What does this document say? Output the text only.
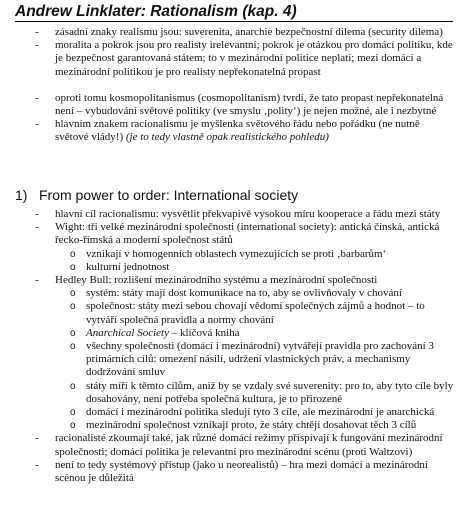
Andrew Linklater: Rationalism (kap. 4)
- zásadní znaky realismu jsou: suverenita, anarchie bezpečnostní dilema (security dilema)
- moralita a pokrok jsou pro realisty irelevantní; pokrok je otázkou pro domácí politiku, kde je bezpečnost garantovaná státem; to v mezinárodní politice neplatí; mezi domácí a mezinárodní politikou je pro realisty nepřekonatelná propast
- oproti tomu kosmopolitanismus (cosmopolitanism) tvrdí, že tato propast nepřekonatelná není – vybudování světové politiky (ve smyslu ‚polity‘) je nejen možné, ale i nezbytné
- hlavním znakem racionalismu je myšlenka světového řádu nebo pořádku (ne nutně světové vlády!) (je to tedy vlastně opak realistického pohledu)
1) From power to order: International society
- hlavní cíl racionalismu: vysvětlit překvapivě vysokou míru kooperace a řádu mezi státy
- Wight: tři velké mezinárodní společnosti (international society): antická čínská, antická řecko-římská a moderní společnost států
o vznikají v homogenních oblastech vymezujících se proti ‚barbarům‘
o kulturní jednotnost
- Hedley Bull: rozlišení mezinárodního systému a mezinárodní společnosti
o systém: státy mají dost komunikace na to, aby se ovlivňovaly v chování
o společnost: státy mezi sebou chovají vědomí společných zájmů a hodnot – to vytváří společná pravidla a normy chování
o Anarchical Society – klíčová kniha
o všechny společnosti (domácí i mezinárodní) vytvářejí pravidla pro zachování 3 primárních cílů: omezení násilí, udržení vlastnických práv, a mechanismy dodržování smluv
o státy míří k těmto cílům, aniž by se vzdaly své suverenity: pro to, aby tyto cíle byly dosahovány, není potřeba společná kultura, je to přirozené
o domácí i mezinárodní politika sledují tyto 3 cíle, ale mezinárodní je anarchická
o mezinárodní společnost vznikají proto, že státy chtějí dosahovat těch 3 cílů
- racionalisté zkoumají také, jak různé domácí režimy přispívají k fungování mezinárodní společnosti; domácí politika je relevantní pro mezinárodní scénu (proti Waltzovi)
- není to tedy systémový přístup (jako u neorealistů) – hra mezi domácí a mezinárodní scénou je důležitá
